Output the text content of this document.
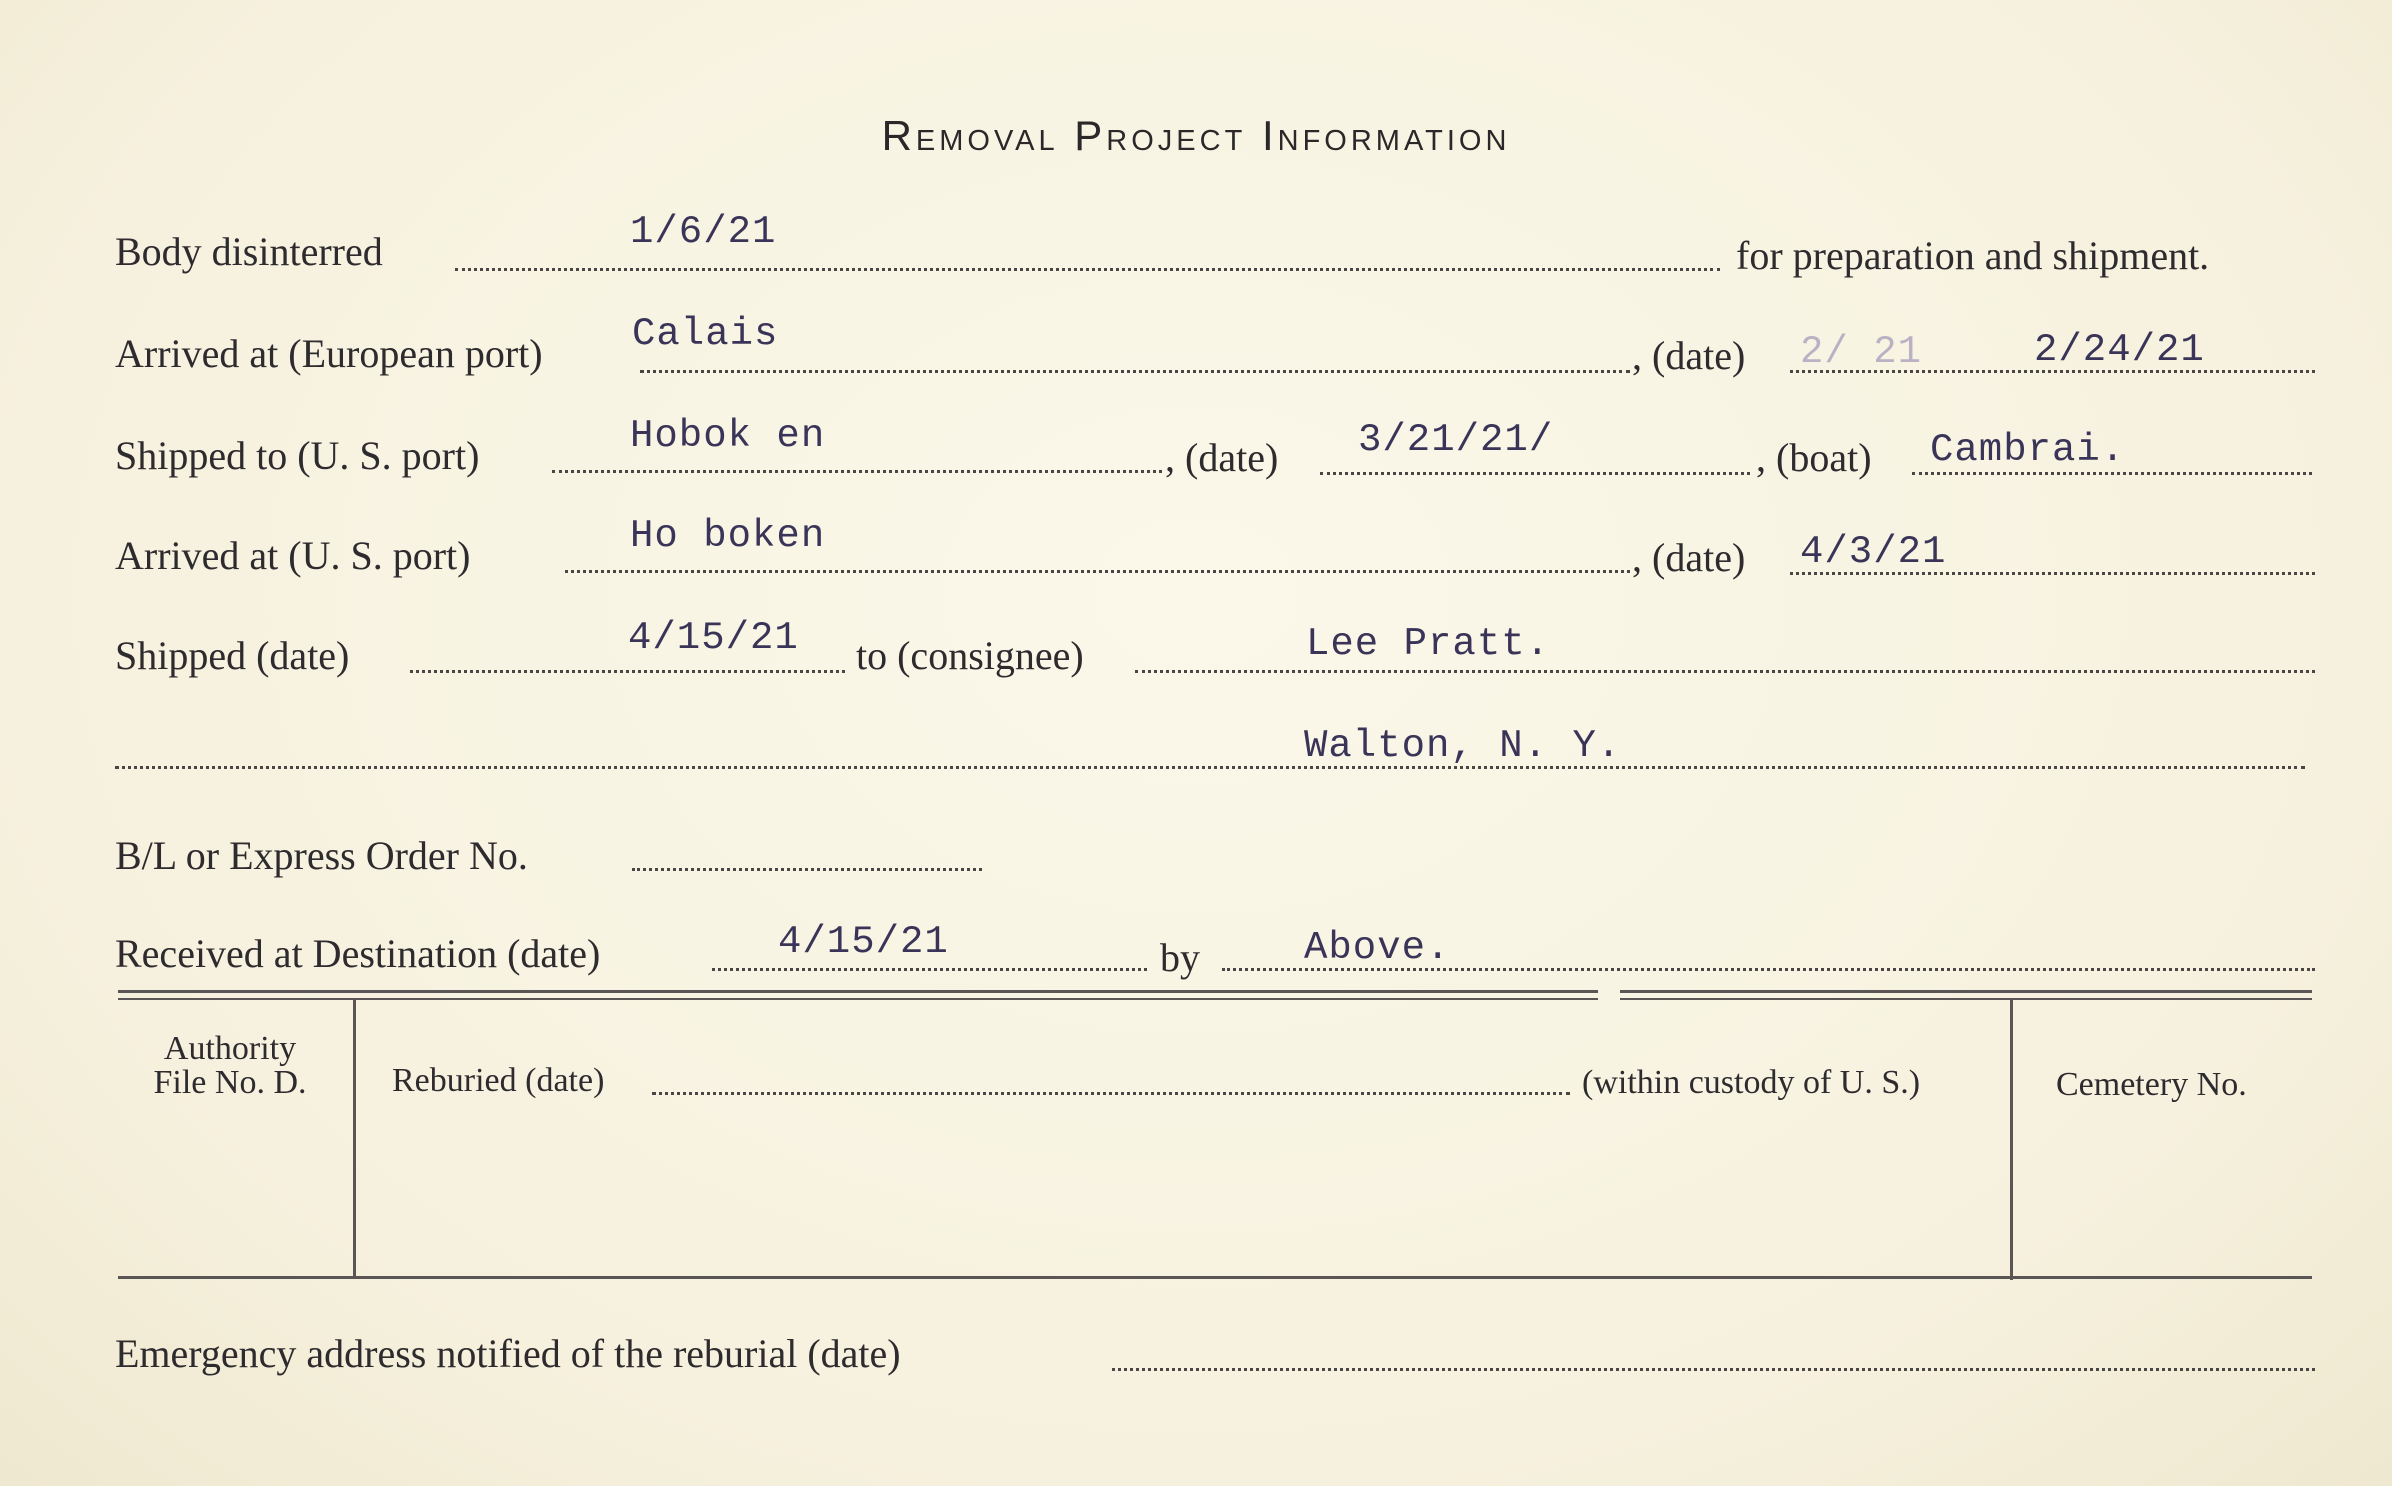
Removal Project Information
Body disinterred	1/6/21
for preparation and shipment.
Arrived at (European port) Calais	, (date) 2/ 21	2/24/21
Shipped to (U. S. port)	Hobok en	, (date) 3/21/21/	, (boat) Cambrai.
Arrived at (U. S. port)	Ho boken	, (date) 4/3/21
Shipped (date)	4/15/21 to (consignee)	Lee Pratt.
Walton, N. Y.
B/L or Express Order No.
Received at Destination (date)	4/15/21	by	Above.
Authority
File No. D.	Reburied (date)	(within custody of U. S.)	Cemetery No.
Emergency address notified of the reburial (date)
